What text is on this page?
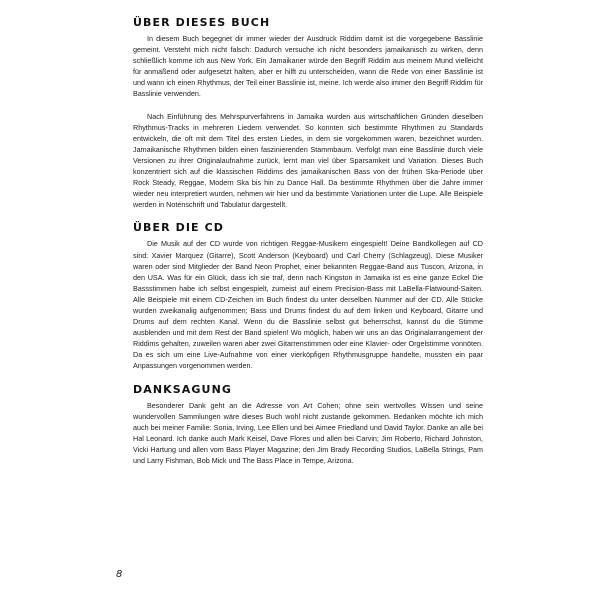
ÜBER DIESES BUCH

In diesem Buch begegnet dir immer wieder der Ausdruck Riddim damit ist die vorgegebene Basslinie gemeint. Versteht mich nicht falsch: Dadurch versuche ich nicht besonders jamaikanisch zu wirken, denn schließlich komme ich aus New York. Ein Jamaikaner würde den Begriff Riddim aus meinem Mund vielleicht für anmaßend oder aufgesetzt halten, aber er hilft zu unterscheiden, wann die Rede von einer Basslinie ist und wann ich einen Rhythmus, der Teil einer Basslinie ist, meine. Ich werde also immer den Begriff Riddim für Basslinie verwenden.

Nach Einführung des Mehrspurverfahrens in Jamaika wurden aus wirtschaftlichen Gründen dieselben Rhythmus-Tracks in mehreren Liedern verwendet. So konnten sich bestimmte Rhythmen zu Standards entwickeln, die oft mit dem Titel des ersten Liedes, in dem sie vorgekommen waren, bezeichnet wurden. Jamaikanische Rhythmen bilden einen faszinierenden Stammbaum. Verfolgt man eine Basslinie durch viele Versionen zu ihrer Originalaufnahme zurück, lernt man viel über Sparsamkeit und Variation. Dieses Buch konzentriert sich auf die klassischen Riddims des jamaikanischen Bass von der frühen Ska-Periode über Rock Steady, Reggae, Modern Ska bis hin zu Dance Hall. Da bestimmte Rhythmen über die Jahre immer wieder neu interpretiert wurden, nehmen wir hier und da bestimmte Variationen unter die Lupe. Alle Beispiele werden in Notenschrift und Tabulatur dargestellt.

ÜBER DIE CD

Die Musik auf der CD wurde von richtigen Reggae-Musikern eingespielt! Deine Bandkollegen auf CD sind: Xavier Marquez (Gitarre), Scott Anderson (Keyboard) und Carl Cherry (Schlagzeug). Diese Musiker waren oder sind Mitglieder der Band Neon Prophet, einer bekannten Reggae-Band aus Tuscon, Arizona, in den USA. Was für ein Glück, dass ich sie traf, denn nach Kingston in Jamaika ist es eine ganze Eckel Die Bassstimmen habe ich selbst eingespielt, zumeist auf einem Precision-Bass mit LaBella-Flatwound-Saiten. Alle Beispiele mit einem CD-Zeichen im Buch findest du unter derselben Nummer auf der CD. Alle Stücke wurden zweikanalig aufgenommen; Bass und Drums findest du auf dem linken und Keyboard, Gitarre und Drums auf dem rechten Kanal. Wenn du die Basslinie selbst gut beherrschst, kannst du die Stimme ausblenden und mit dem Rest der Band spielen! Wo möglich, haben wir uns an das Originalarrangement der Riddims gehalten, zuweilen waren aber zwei Gitarrenstimmen oder eine Klavier- oder Orgelstimme vonnöten. Da es sich um eine Live-Aufnahme von einer vierköpfigen Rhythmusgruppe handelte, mussten ein paar Anpassungen vorgenommen werden.

DANKSAGUNG

Besonderer Dank geht an die Adresse von Art Cohen; ohne sein wertvolles Wissen und seine wundervollen Sammlungen wäre dieses Buch wohl nicht zustande gekommen. Bedanken möchte ich mich auch bei meiner Familie: Sonia, Irving, Lee Ellen und bei Aimee Friedland und David Taylor. Danke an alle bei Hal Leonard. Ich danke auch Mark Keisel, Dave Flores und allen bei Carvin; Jim Roberto, Richard Johnston, Vicki Hartung und allen vom Bass Player Magazine; den Jim Brady Recording Studios, LaBella Strings, Pam und Larry Fishman, Bob Mick und The Bass Place in Tempe, Arizona.

8
